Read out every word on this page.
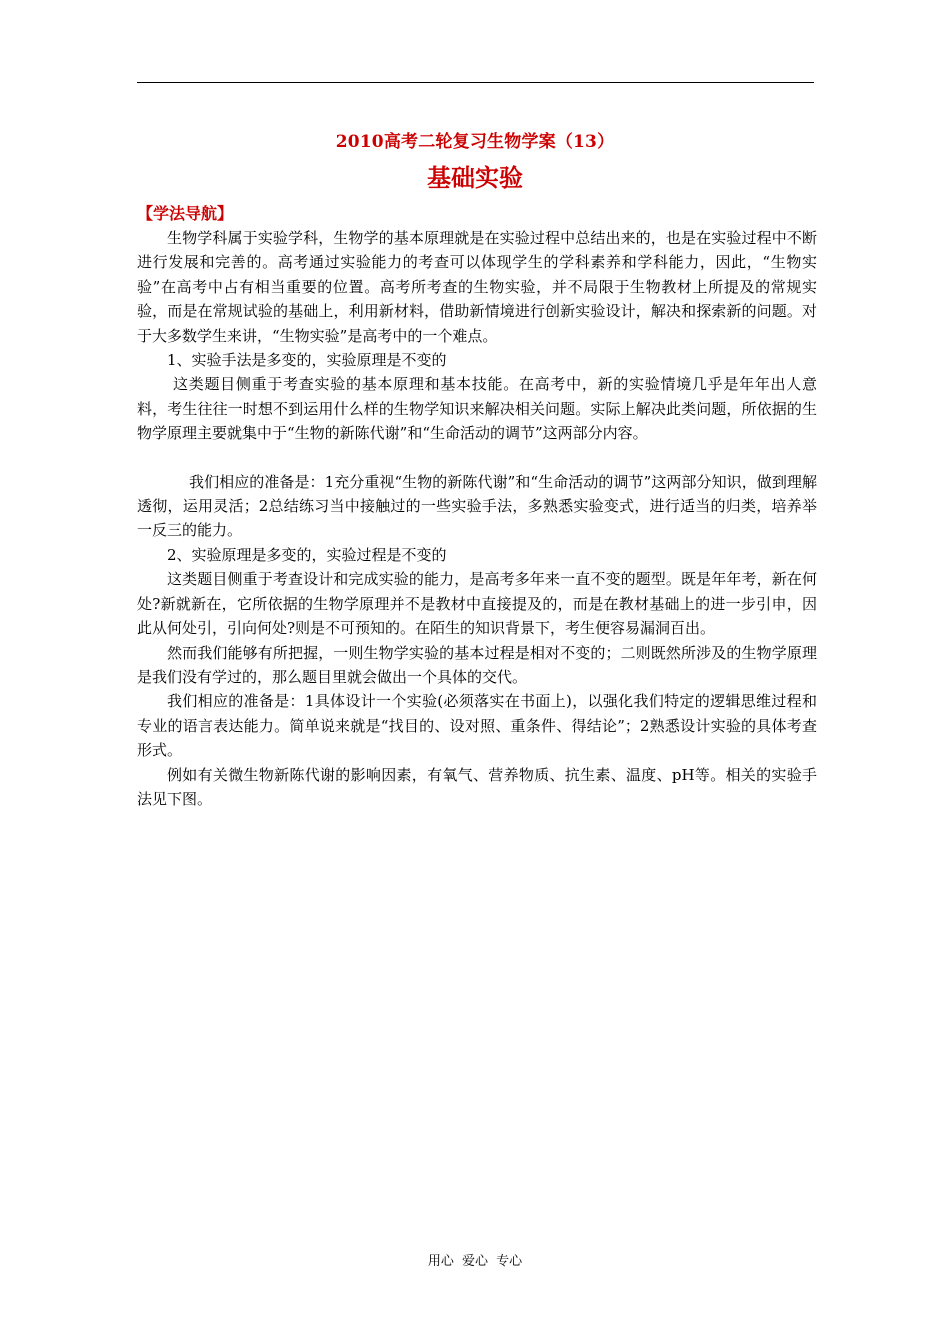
2010高考二轮复习生物学案（13）
基础实验
【学法导航】

生物学科属于实验学科，生物学的基本原理就是在实验过程中总结出来的，也是在实验过程中不断进行发展和完善的。高考通过实验能力的考查可以体现学生的学科素养和学科能力，因此，“生物实验”在高考中占有相当重要的位置。高考所考查的生物实验，并不局限于生物教材上所提及的常规实验，而是在常规试验的基础上，利用新材料，借助新情境进行创新实验设计，解决和探索新的问题。对于大多数学生来讲，“生物实验”是高考中的一个难点。

1、实验手法是多变的，实验原理是不变的

这类题目侧重于考查实验的基本原理和基本技能。在高考中，新的实验情境几乎是年年出人意料，考生往往一时想不到运用什么样的生物学知识来解决相关问题。实际上解决此类问题，所依据的生物学原理主要就集中于“生物的新陈代谢”和“生命活动的调节”这两部分内容。

我们相应的准备是：1充分重视“生物的新陈代谢”和“生命活动的调节”这两部分知识，做到理解透彻，运用灵活；2总结练习当中接触过的一些实验手法，多熟悉实验变式，进行适当的归类，培养举一反三的能力。

2、实验原理是多变的，实验过程是不变的

这类题目侧重于考查设计和完成实验的能力，是高考多年来一直不变的题型。既是年年考，新在何处?新就新在，它所依据的生物学原理并不是教材中直接提及的，而是在教材基础上的进一步引申，因此从何处引，引向何处?则是不可预知的。在陌生的知识背景下，考生便容易漏洞百出。

然而我们能够有所把握，一则生物学实验的基本过程是相对不变的；二则既然所涉及的生物学原理是我们没有学过的，那么题目里就会做出一个具体的交代。

我们相应的准备是：1具体设计一个实验(必须落实在书面上)，以强化我们特定的逻辑思维过程和专业的语言表达能力。简单说来就是“找目的、设对照、重条件、得结论”；2熟悉设计实验的具体考查形式。

例如有关微生物新陈代谢的影响因素，有氧气、营养物质、抗生素、温度、pH等。相关的实验手法见下图。

用心 爱心 专心
